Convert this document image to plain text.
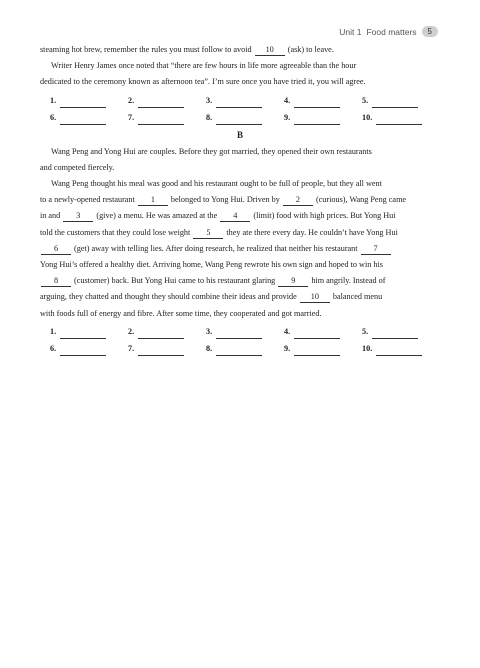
Unit 1 Food matters	5

steaming hot brew, remember the rules you must follow to avoid 10 (ask) to leave.

Writer Henry James once noted that “there are few hours in life more agreeable than the hour

dedicated to the ceremony known as afternoon tea”. I’m sure once you have tried it, you will agree.

1.	2.	3.	4.	5.
6.	7.	8.	9.	10.
B

Wang Peng and Yong Hui are couples. Before they got married, they opened their own restaurants

and competed fiercely.

Wang Peng thought his meal was good and his restaurant ought to be full of people, but they all went

to a newly-opened restaurant 1 belonged to Yong Hui. Driven by 2 (curious), Wang Peng came

in and 3 (give) a menu. He was amazed at the 4 (limit) food with high prices. But Yong Hui

told the customers that they could lose weight 5 they ate there every day. He couldn’t have Yong Hui

6 (get) away with telling lies. After doing research, he realized that neither his restaurant 7

Yong Hui’s offered a healthy diet. Arriving home, Wang Peng rewrote his own sign and hoped to win his

8 (customer) back. But Yong Hui came to his restaurant glaring 9 him angrily. Instead of

arguing, they chatted and thought they should combine their ideas and provide 10 balanced menu

with foods full of energy and fibre. After some time, they cooperated and got married.

1.	2.	3.	4.	5.
6.	7.	8.	9.	10.
